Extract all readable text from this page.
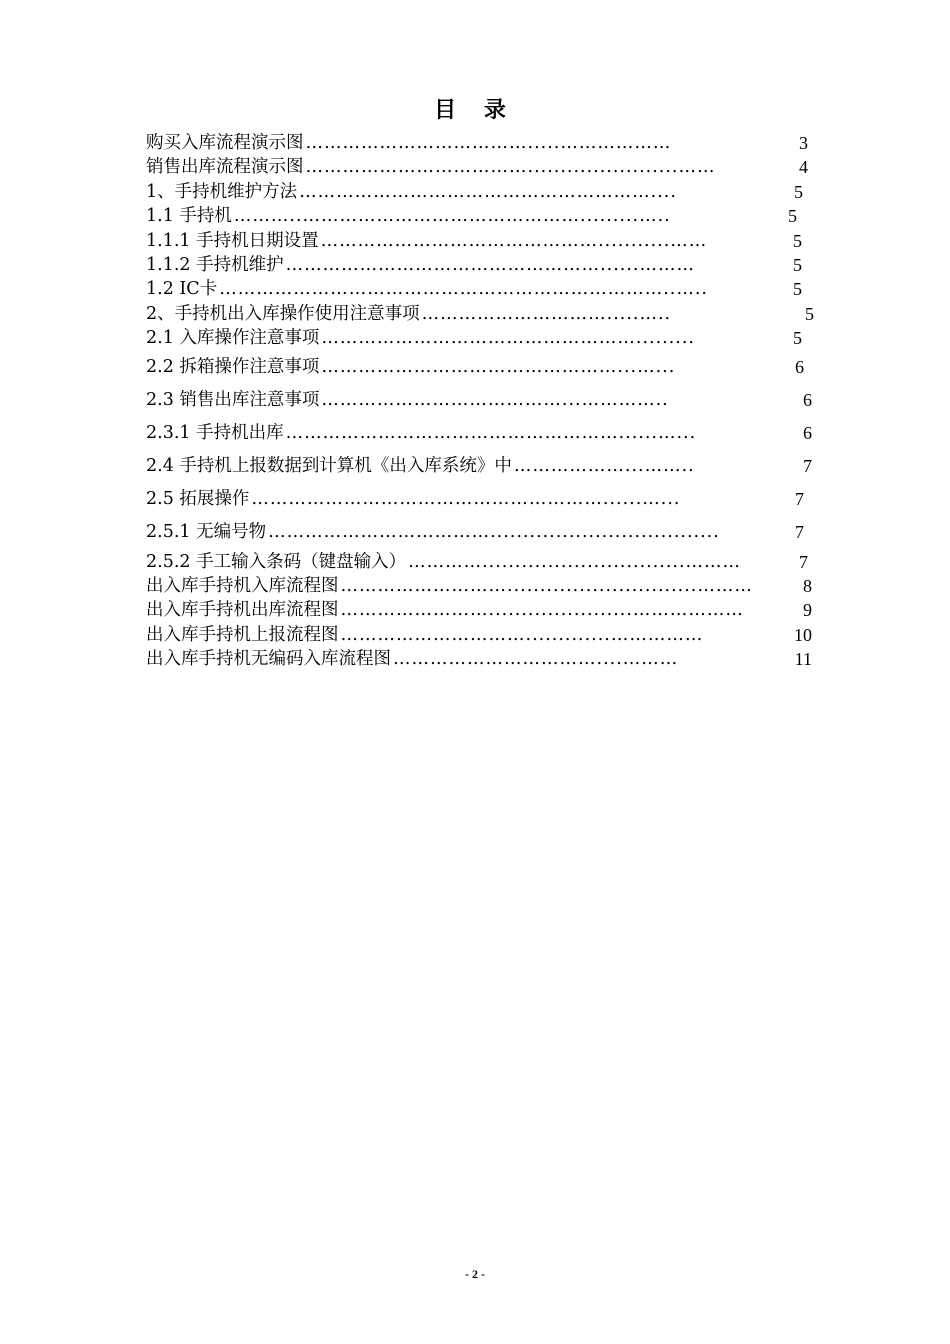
目 录
……………………………….....………………
购买入库流程演示图	3
……………………………….......................……
销售出库流程演示图	4
…………………………………………………....
1、手持机维护方法	5
………..……………………………………….........…..
1.1 手持机	5
………………………………………...........……
1.1.1 手持机日期设置	5
……………………………………………......………
1.1.2 手持机维护	5
………………………………………………………………..…..
1.2 IC卡	5
………………………….....…..
2、手持机出入库操作使用注意事项	5
…………………………………………….........
2.1 入库操作注意事项	5
…………………………………………...…...
2.2 拆箱操作注意事项	6
…………………………………...…………..
2.3 销售出库注意事项	6
………………………………………………......…...
2.3.1 手持机出库	6
………………...……..
2.4 手持机上报数据到计算机《出入库系统》中	7
…………………………………………………......…...
2.5 拓展操作	7
………………………………...................................
2.5.1 无编号物	7
…………...............................………
2.5.2 手工输入条码（键盘输入）	7
……………………….............................………
出入库手持机入库流程图	8
……………………......................………………
出入库手持机出库流程图	9
………………………….............……………
出入库手持机上报流程图	10
……………………………....………
出入库手持机无编码入库流程图	11
- 2 -
